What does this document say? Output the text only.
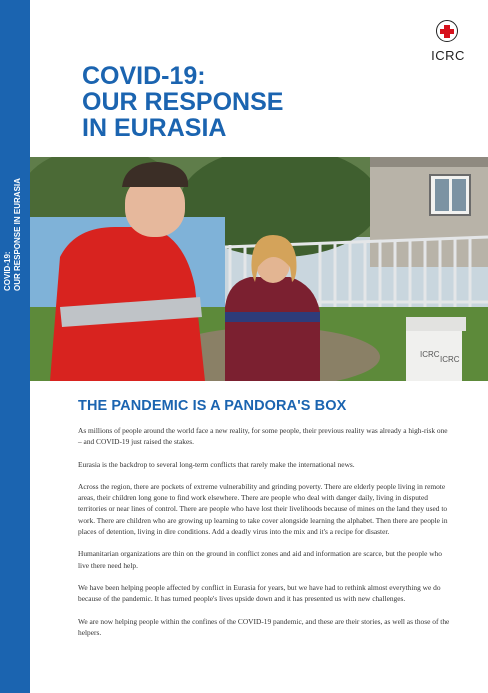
COVID-19: OUR RESPONSE IN EURASIA
ICRC
COVID-19:
OUR RESPONSE
IN EURASIA
ICRC
ICRC
THE PANDEMIC IS A PANDORA'S BOX

As millions of people around the world face a new reality, for some people, their previous reality was already a high-risk one – and COVID-19 just raised the stakes.

Eurasia is the backdrop to several long-term conflicts that rarely make the international news.

Across the region, there are pockets of extreme vulnerability and grinding poverty. There are elderly people living in remote areas, their children long gone to find work elsewhere. There are people who deal with danger daily, living in disputed territories or near lines of control. There are people who have lost their livelihoods because of mines on the land they used to work. There are children who are growing up learning to take cover alongside learning the alphabet. Then there are people in places of detention, living in dire conditions. Add a deadly virus into the mix and it's a recipe for disaster.

Humanitarian organizations are thin on the ground in conflict zones and aid and information are scarce, but the people who live there need help.

We have been helping people affected by conflict in Eurasia for years, but we have had to rethink almost everything we do because of the pandemic. It has turned people's lives upside down and it has presented us with new challenges.

We are now helping people within the confines of the COVID-19 pandemic, and these are their stories, as well as those of the helpers.
